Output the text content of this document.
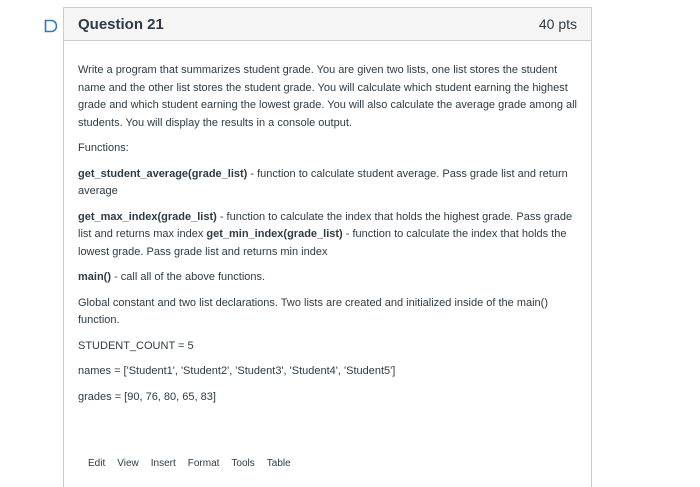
Question 21	40 pts

Write a program that summarizes student grade. You are given two lists, one list stores the student name and the other list stores the student grade. You will calculate which student earning the highest grade and which student earning the lowest grade. You will also calculate the average grade among all students. You will display the results in a console output.

Functions:

get_student_average(grade_list) - function to calculate student average. Pass grade list and return average

get_max_index(grade_list) - function to calculate the index that holds the highest grade. Pass grade list and returns max index get_min_index(grade_list) - function to calculate the index that holds the lowest grade. Pass grade list and returns min index

main() - call all of the above functions.

Global constant and two list declarations. Two lists are created and initialized inside of the main() function.

STUDENT_COUNT = 5

names = ['Student1', 'Student2', 'Student3', 'Student4', 'Student5']

grades = [90, 76, 80, 65, 83]

Edit View Insert Format Tools Table
